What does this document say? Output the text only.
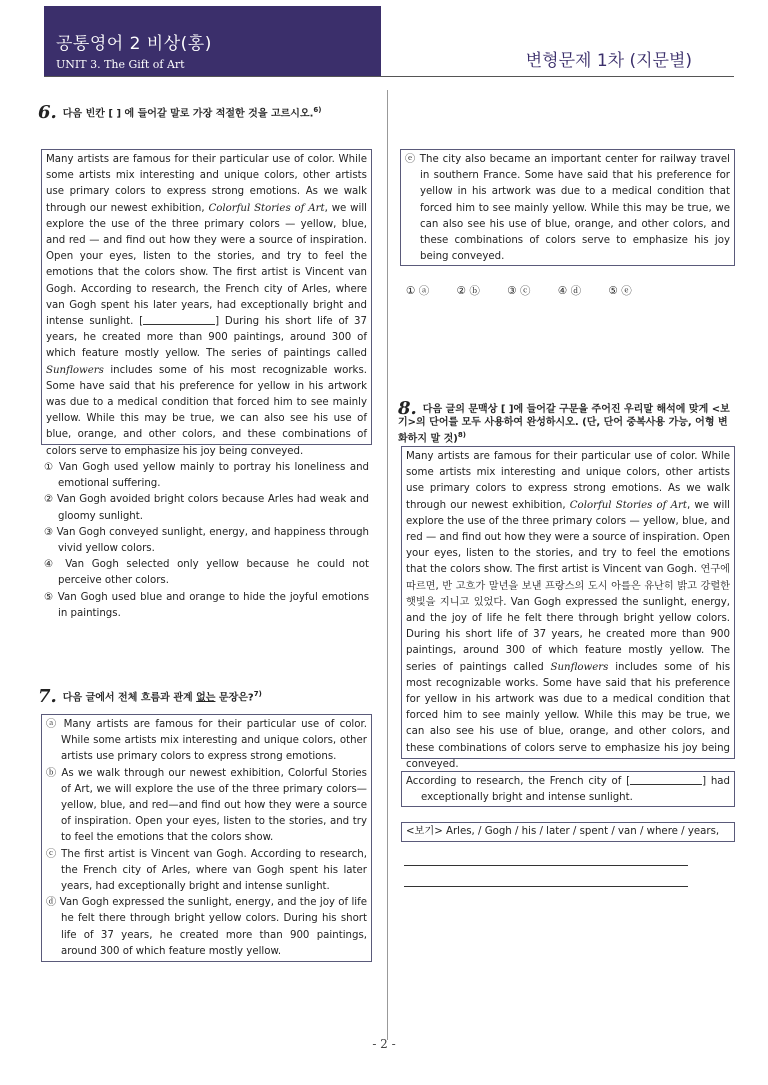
공통영어 2 비상(홍)
UNIT 3. The Gift of Art	변형문제 1차 (지문별)
6. 다음 빈칸 [ ] 에 들어갈 말로 가장 적절한 것을 고르시오.$^{6)}$

Many artists are famous for their particular use of color. While some artists mix interesting and unique colors, other artists use primary colors to express strong emotions. As we walk through our newest exhibition, Colorful Stories of Art, we will explore the use of the three primary colors — yellow, blue, and red — and find out how they were a source of inspiration. Open your eyes, listen to the stories, and try to feel the emotions that the colors show. The first artist is Vincent van Gogh. According to research, the French city of Arles, where van Gogh spent his later years, had exceptionally bright and intense sunlight. [	] During his short life of 37 years, he created more than 900 paintings, around 300 of which feature mostly yellow. The series of paintings called Sunflowers includes some of his most recognizable works. Some have said that his preference for yellow in his artwork was due to a medical condition that forced him to see mainly yellow. While this may be true, we can also see his use of blue, orange, and other colors, and these combinations of colors serve to emphasize his joy being conveyed.

① Van Gogh used yellow mainly to portray his loneliness and emotional suffering.
② Van Gogh avoided bright colors because Arles had weak and gloomy sunlight.
③ Van Gogh conveyed sunlight, energy, and happiness through vivid yellow colors.
④ Van Gogh selected only yellow because he could not perceive other colors.
⑤ Van Gogh used blue and orange to hide the joyful emotions in paintings.
7. 다음 글에서 전체 흐름과 관계 없는 문장은?$^{7)}$
ⓐ Many artists are famous for their particular use of color. While some artists mix interesting and unique colors, other artists use primary colors to express strong emotions.
ⓑ As we walk through our newest exhibition, Colorful Stories of Art, we will explore the use of the three primary colors—yellow, blue, and red—and find out how they were a source of inspiration. Open your eyes, listen to the stories, and try to feel the emotions that the colors show.
ⓒ The first artist is Vincent van Gogh. According to research, the French city of Arles, where van Gogh spent his later years, had exceptionally bright and intense sunlight.
ⓓ Van Gogh expressed the sunlight, energy, and the joy of life he felt there through bright yellow colors. During his short life of 37 years, he created more than 900 paintings, around 300 of which feature mostly yellow.
ⓔ The city also became an important center for railway travel in southern France. Some have said that his preference for yellow in his artwork was due to a medical condition that forced him to see mainly yellow. While this may be true, we can also see his use of blue, orange, and other colors, and these combinations of colors serve to emphasize his joy being conveyed.
① ⓐ	② ⓑ	③ ⓒ	④ ⓓ	⑤ ⓔ
8. 다음 글의 문맥상 [ ]에 들어갈 구문을 주어진 우리말 해석에 맞게 <보기>의 단어를 모두 사용하여 완성하시오. (단, 단어 중복사용 가능, 어형 변화하지 말 것)$^{8)}$

Many artists are famous for their particular use of color. While some artists mix interesting and unique colors, other artists use primary colors to express strong emotions. As we walk through our newest exhibition, Colorful Stories of Art, we will explore the use of the three primary colors — yellow, blue, and red — and find out how they were a source of inspiration. Open your eyes, listen to the stories, and try to feel the emotions that the colors show. The first artist is Vincent van Gogh. 연구에 따르면, 반 고흐가 말년을 보낸 프랑스의 도시 아를은 유난히 밝고 강렬한 햇빛을 지니고 있었다. Van Gogh expressed the sunlight, energy, and the joy of life he felt there through bright yellow colors. During his short life of 37 years, he created more than 900 paintings, around 300 of which feature mostly yellow. The series of paintings called Sunflowers includes some of his most recognizable works. Some have said that his preference for yellow in his artwork was due to a medical condition that forced him to see mainly yellow. While this may be true, we can also see his use of blue, orange, and other colors, and these combinations of colors serve to emphasize his joy being conveyed.

According to research, the French city of [	] had exceptionally bright and intense sunlight.
<보기> Arles, / Gogh / his / later / spent / van / where / years,
- 2 -
